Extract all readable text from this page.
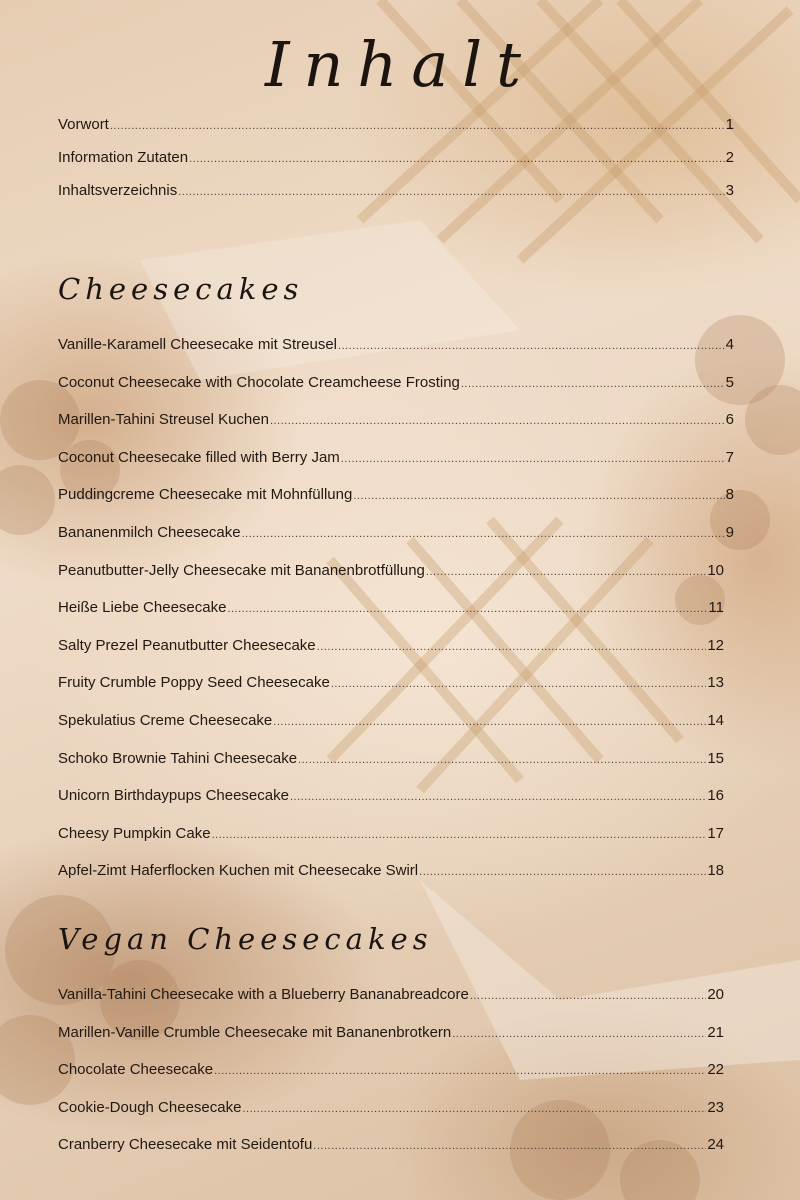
Inhalt
Vorwort .....	1
Information Zutaten .....	2
Inhaltsverzeichnis .....	3
Cheesecakes
Vanille-Karamell Cheesecake mit Streusel .....	4
Coconut Cheesecake with Chocolate Creamcheese Frosting .....	5
Marillen-Tahini Streusel Kuchen .....	6
Coconut Cheesecake filled with Berry Jam .....	7
Puddingcreme Cheesecake mit Mohnfüllung .....	8
Bananenmilch Cheesecake .....	9
Peanutbutter-Jelly Cheesecake mit Bananenbrotfüllung .....	10
Heiße Liebe Cheesecake .....	11
Salty Prezel Peanutbutter Cheesecake .....	12
Fruity Crumble Poppy Seed Cheesecake .....	13
Spekulatius Creme Cheesecake .....	14
Schoko Brownie Tahini Cheesecake .....	15
Unicorn Birthdaypups Cheesecake .....	16
Cheesy Pumpkin Cake .....	17
Apfel-Zimt Haferflocken Kuchen mit Cheesecake Swirl .....	18
Vegan Cheesecakes
Vanilla-Tahini Cheesecake with a Blueberry Bananabreadcore .....	20
Marillen-Vanille Crumble Cheesecake mit Bananenbrotkern .....	21
Chocolate Cheesecake .....	22
Cookie-Dough Cheesecake .....	23
Cranberry Cheesecake mit Seidentofu .....	24
